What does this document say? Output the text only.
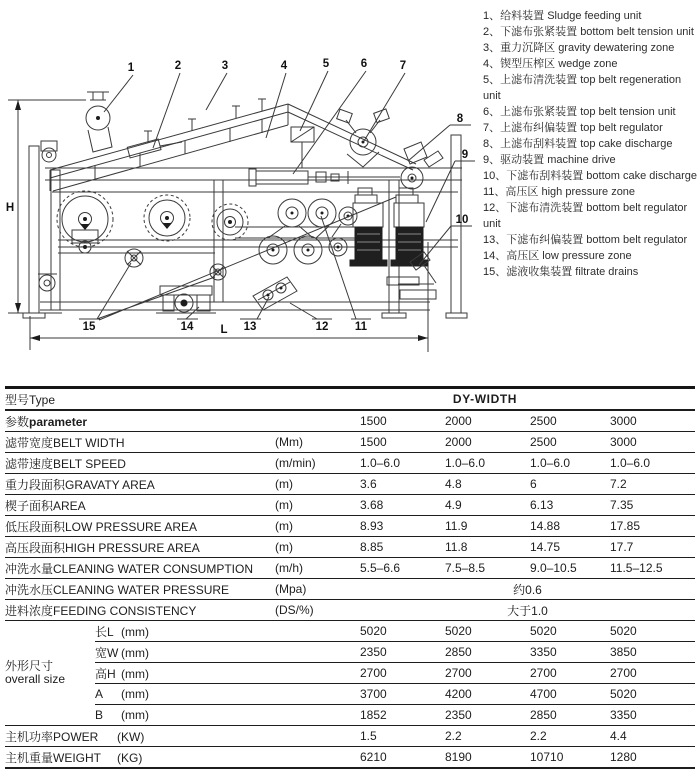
1	2	3	4	5	6	7
8
9
10
11
12
13
14
15
H
L
1、给料装置 Sludge feeding unit
2、下滤布张紧装置 bottom belt tension unit
3、重力沉降区 gravity dewatering zone
4、锲型压榨区 wedge zone
5、上滤布清洗装置 top belt regeneration unit
6、上滤布张紧装置 top belt tension unit
7、上滤布纠偏装置 top belt regulator
8、上滤布刮料装置 top cake discharge
9、驱动装置 machine drive
10、下滤布刮料装置 bottom cake discharge
11、高压区 high pressure zone
12、下滤布清洗装置 bottom belt regulator unit
13、下滤布纠偏装置 bottom belt regulator
14、高压区 low pressure zone
15、滤液收集装置 filtrate drains
型号Type		DY-WIDTH				
参数parameter			1500	2000	2500	3000
滤带宽度BELT WIDTH		(Mm)	1500	2000	2500	3000
滤带速度BELT SPEED		(m/min)	1.0–6.0	1.0–6.0	1.0–6.0	1.0–6.0
重力段面积GRAVATY AREA		(m)	3.6	4.8	6	7.2
楔子面积AREA		(m)	3.68	4.9	6.13	7.35
低压段面积LOW PRESSURE AREA		(m)	8.93	11.9	14.88	17.85
高压段面积HIGH PRESSURE AREA		(m)	8.85	11.8	14.75	17.7
冲洗水量CLEANING WATER CONSUMPTION		(m/h)	5.5–6.6	7.5–8.5	9.0–10.5	11.5–12.5
冲洗水压CLEANING WATER PRESSURE		(Mpa)	约0.6			
进料浓度FEEDING CONSISTENCY		(DS/%)	大于1.0			

外形尺寸
overall size	长L (mm)		5020	5020	5020	5020
	宽W (mm)		2350	2850	3350	3850
	高H (mm)		2700	2700	2700	2700
	A (mm)		3700	4200	4700	5020
	B (mm)		1852	2350	2850	3350
主机功率POWER (KW)			1.5	2.2	2.2	4.4
主机重量WEIGHT (KG)			6210	8190	10710	1280
